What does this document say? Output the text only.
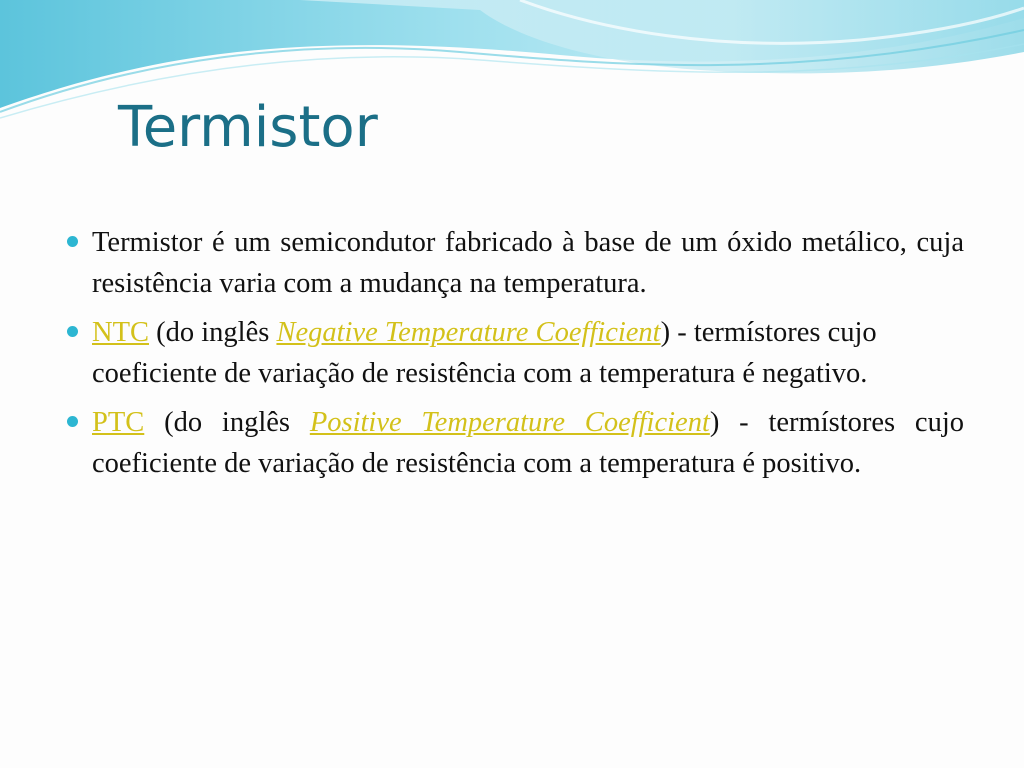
Termistor
Termistor é um semicondutor fabricado à base de um óxido metálico, cuja resistência varia com a mudança na temperatura.
NTC (do inglês Negative Temperature Coefficient) - termístores cujo coeficiente de variação de resistência com a temperatura é negativo.
PTC (do inglês Positive Temperature Coefficient) - termístores cujo coeficiente de variação de resistência com a temperatura é positivo.
